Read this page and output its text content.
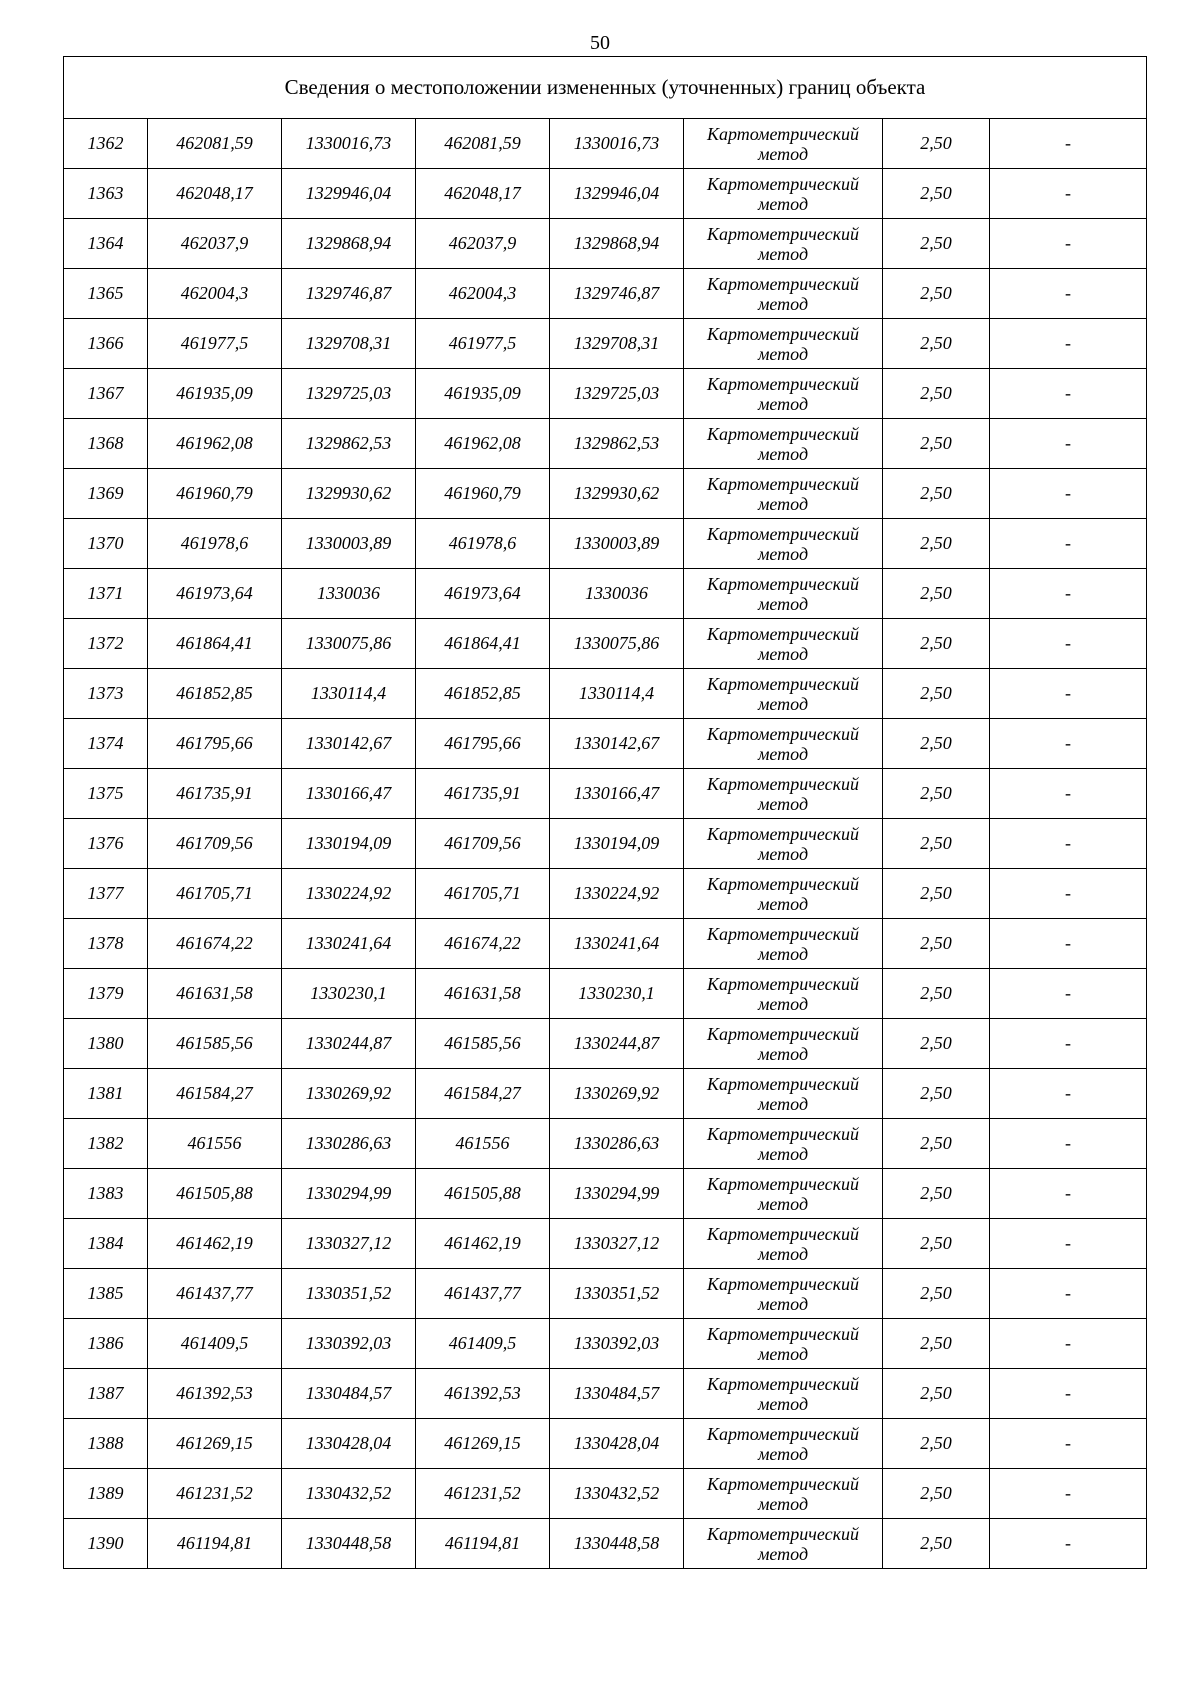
50
Сведения о местоположении измененных (уточненных) границ объекта							
1362	462081,59	1330016,73	462081,59	1330016,73	Картометрический метод	2,50	-
1363	462048,17	1329946,04	462048,17	1329946,04	Картометрический метод	2,50	-
1364	462037,9	1329868,94	462037,9	1329868,94	Картометрический метод	2,50	-
1365	462004,3	1329746,87	462004,3	1329746,87	Картометрический метод	2,50	-
1366	461977,5	1329708,31	461977,5	1329708,31	Картометрический метод	2,50	-
1367	461935,09	1329725,03	461935,09	1329725,03	Картометрический метод	2,50	-
1368	461962,08	1329862,53	461962,08	1329862,53	Картометрический метод	2,50	-
1369	461960,79	1329930,62	461960,79	1329930,62	Картометрический метод	2,50	-
1370	461978,6	1330003,89	461978,6	1330003,89	Картометрический метод	2,50	-
1371	461973,64	1330036	461973,64	1330036	Картометрический метод	2,50	-
1372	461864,41	1330075,86	461864,41	1330075,86	Картометрический метод	2,50	-
1373	461852,85	1330114,4	461852,85	1330114,4	Картометрический метод	2,50	-
1374	461795,66	1330142,67	461795,66	1330142,67	Картометрический метод	2,50	-
1375	461735,91	1330166,47	461735,91	1330166,47	Картометрический метод	2,50	-
1376	461709,56	1330194,09	461709,56	1330194,09	Картометрический метод	2,50	-
1377	461705,71	1330224,92	461705,71	1330224,92	Картометрический метод	2,50	-
1378	461674,22	1330241,64	461674,22	1330241,64	Картометрический метод	2,50	-
1379	461631,58	1330230,1	461631,58	1330230,1	Картометрический метод	2,50	-
1380	461585,56	1330244,87	461585,56	1330244,87	Картометрический метод	2,50	-
1381	461584,27	1330269,92	461584,27	1330269,92	Картометрический метод	2,50	-
1382	461556	1330286,63	461556	1330286,63	Картометрический метод	2,50	-
1383	461505,88	1330294,99	461505,88	1330294,99	Картометрический метод	2,50	-
1384	461462,19	1330327,12	461462,19	1330327,12	Картометрический метод	2,50	-
1385	461437,77	1330351,52	461437,77	1330351,52	Картометрический метод	2,50	-
1386	461409,5	1330392,03	461409,5	1330392,03	Картометрический метод	2,50	-
1387	461392,53	1330484,57	461392,53	1330484,57	Картометрический метод	2,50	-
1388	461269,15	1330428,04	461269,15	1330428,04	Картометрический метод	2,50	-
1389	461231,52	1330432,52	461231,52	1330432,52	Картометрический метод	2,50	-
1390	461194,81	1330448,58	461194,81	1330448,58	Картометрический метод	2,50	-
